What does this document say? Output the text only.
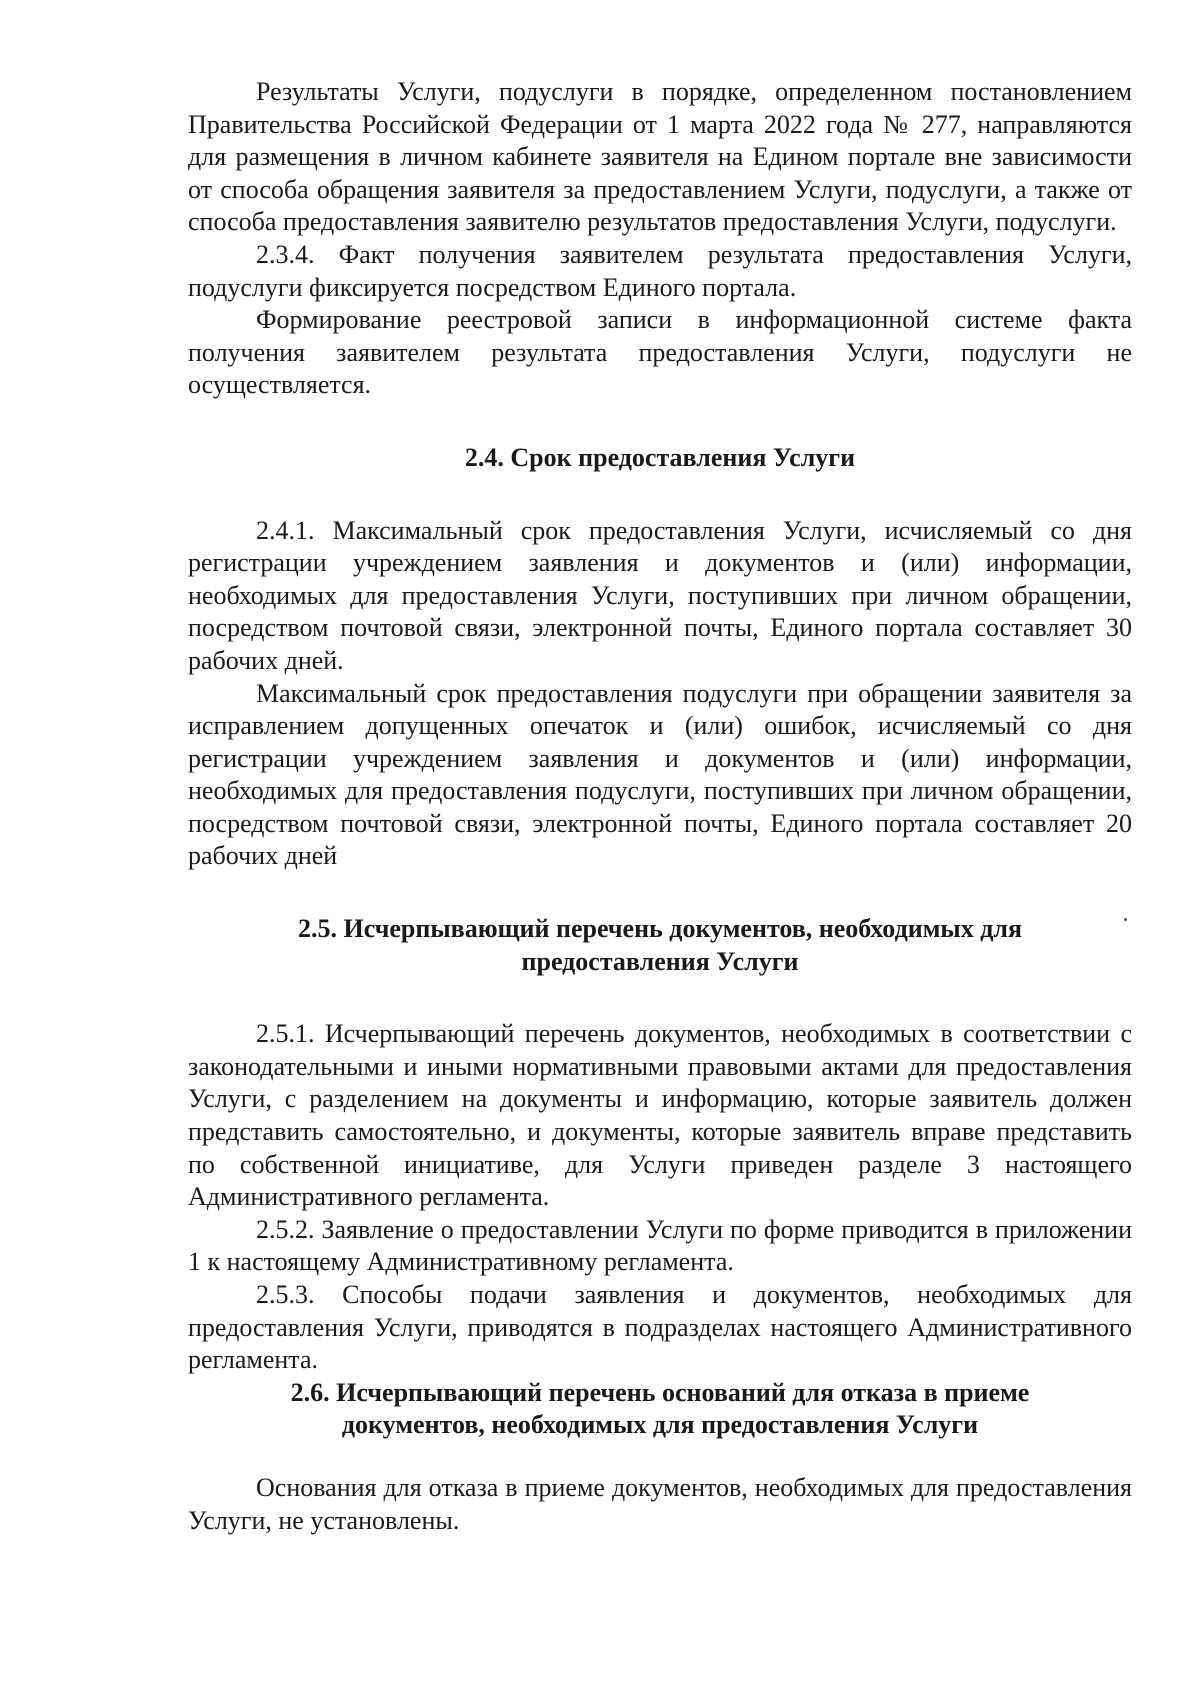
Результаты Услуги, подуслуги в порядке, определенном постановлением Правительства Российской Федерации от 1 марта 2022 года № 277, направляются для размещения в личном кабинете заявителя на Едином портале вне зависимости от способа обращения заявителя за предоставлением Услуги, подуслуги, а также от способа предоставления заявителю результатов предоставления Услуги, подуслуги.

2.3.4. Факт получения заявителем результата предоставления Услуги, подуслуги фиксируется посредством Единого портала.

Формирование реестровой записи в информационной системе факта получения заявителем результата предоставления Услуги, подуслуги не осуществляется.

2.4. Срок предоставления Услуги

2.4.1. Максимальный срок предоставления Услуги, исчисляемый со дня регистрации учреждением заявления и документов и (или) информации, необходимых для предоставления Услуги, поступивших при личном обращении, посредством почтовой связи, электронной почты, Единого портала составляет 30 рабочих дней.

Максимальный срок предоставления подуслуги при обращении заявителя за исправлением допущенных опечаток и (или) ошибок, исчисляемый со дня регистрации учреждением заявления и документов и (или) информации, необходимых для предоставления подуслуги, поступивших при личном обращении, посредством почтовой связи, электронной почты, Единого портала составляет 20 рабочих дней

2.5. Исчерпывающий перечень документов, необходимых для
предоставления Услуги

2.5.1. Исчерпывающий перечень документов, необходимых в соответствии с законодательными и иными нормативными правовыми актами для предоставления Услуги, с разделением на документы и информацию, которые заявитель должен представить самостоятельно, и документы, которые заявитель вправе представить по собственной инициативе, для Услуги приведен разделе 3 настоящего Административного регламента.

2.5.2. Заявление о предоставлении Услуги по форме приводится в приложении 1 к настоящему Административному регламента.

2.5.3. Способы подачи заявления и документов, необходимых для предоставления Услуги, приводятся в подразделах настоящего Административного регламента.

2.6. Исчерпывающий перечень оснований для отказа в приеме
документов, необходимых для предоставления Услуги

Основания для отказа в приеме документов, необходимых для предоставления Услуги, не установлены.
